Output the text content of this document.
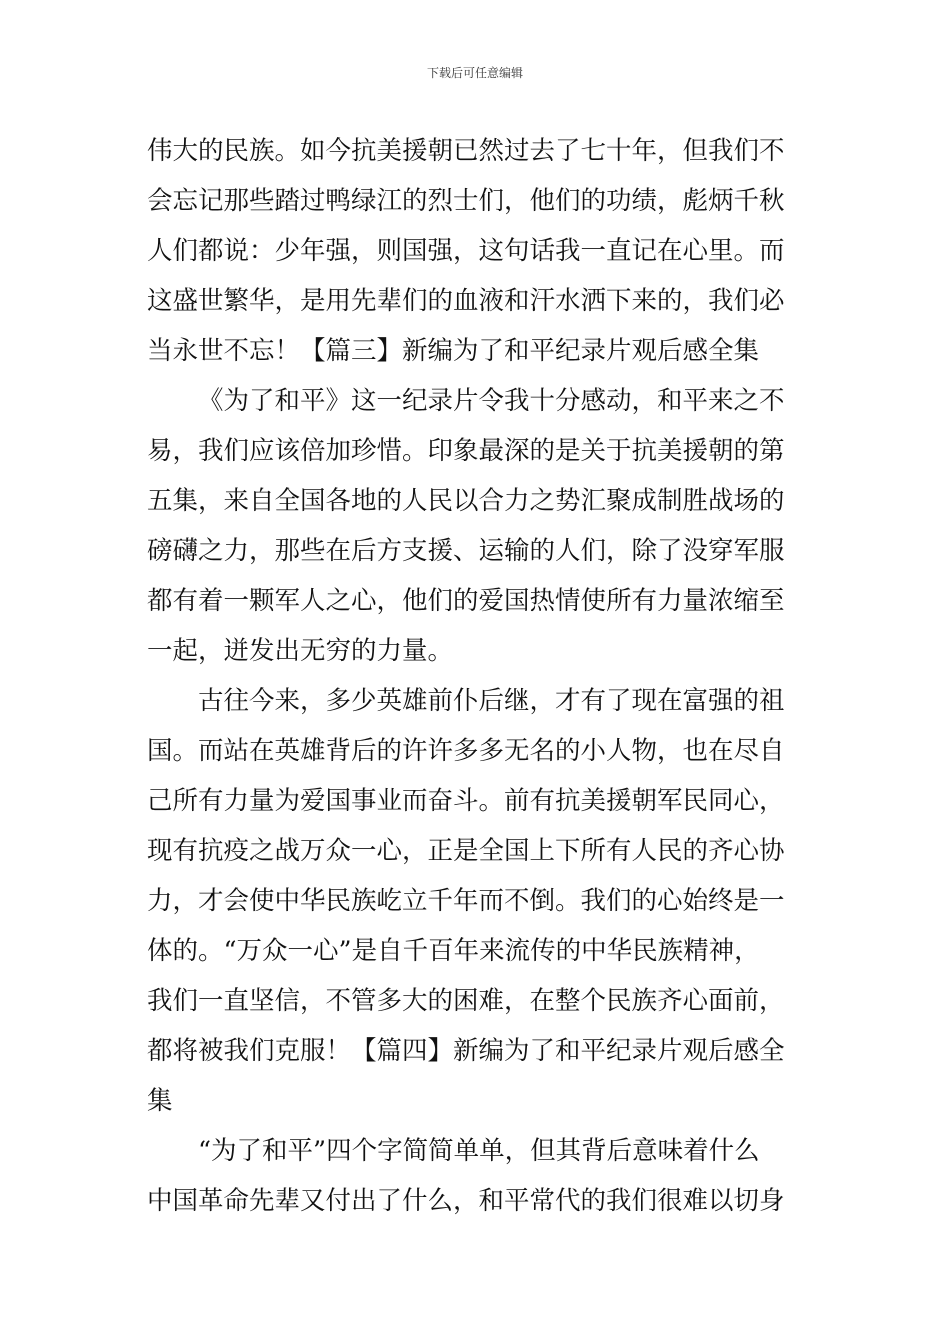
下载后可任意编辑
伟大的民族。如今抗美援朝已然过去了七十年，但我们不
会忘记那些踏过鸭绿江的烈士们，他们的功绩，彪炳千秋
人们都说：少年强，则国强，这句话我一直记在心里。而
这盛世繁华，是用先辈们的血液和汗水洒下来的，我们必
当永世不忘！【篇三】新编为了和平纪录片观后感全集
《为了和平》这一纪录片令我十分感动，和平来之不
易，我们应该倍加珍惜。印象最深的是关于抗美援朝的第
五集，来自全国各地的人民以合力之势汇聚成制胜战场的
磅礴之力，那些在后方支援、运输的人们，除了没穿军服
都有着一颗军人之心，他们的爱国热情使所有力量浓缩至
一起，迸发出无穷的力量。
古往今来，多少英雄前仆后继，才有了现在富强的祖
国。而站在英雄背后的许许多多无名的小人物，也在尽自
己所有力量为爱国事业而奋斗。前有抗美援朝军民同心，
现有抗疫之战万众一心，正是全国上下所有人民的齐心协
力，才会使中华民族屹立千年而不倒。我们的心始终是一
体的。“万众一心”是自千百年来流传的中华民族精神，
我们一直坚信，不管多大的困难，在整个民族齐心面前，
都将被我们克服！【篇四】新编为了和平纪录片观后感全
集
“为了和平”四个字简简单单，但其背后意味着什么
中国革命先辈又付出了什么，和平常代的我们很难以切身
